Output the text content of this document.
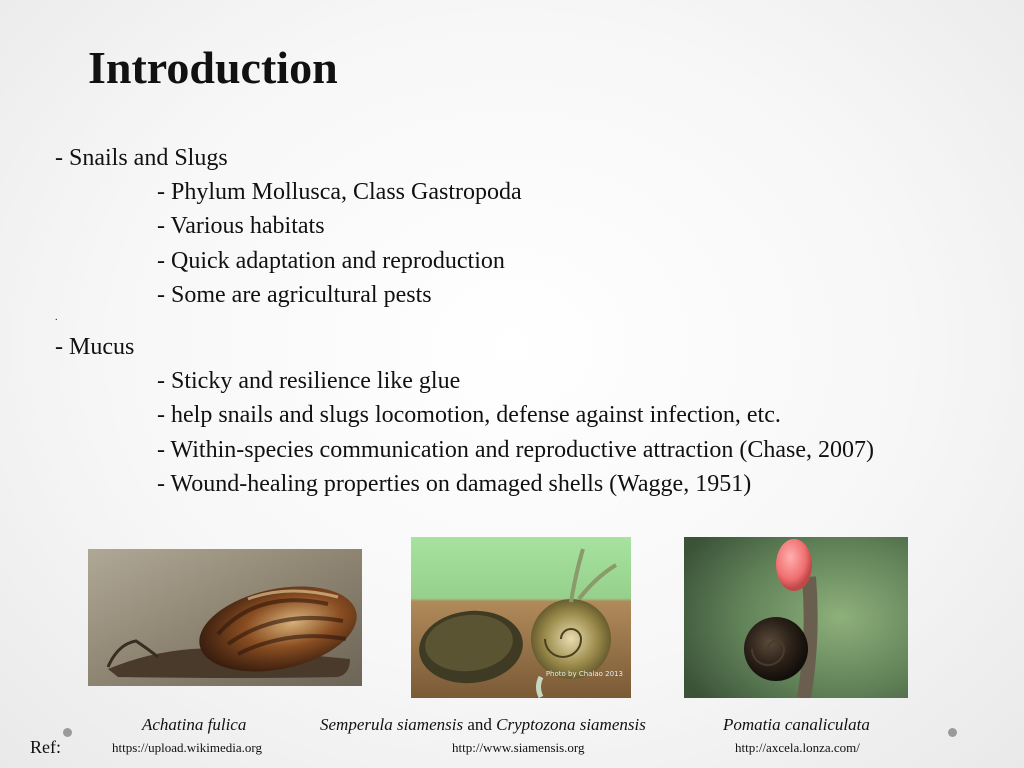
Introduction
- Snails and Slugs
- Phylum Mollusca, Class Gastropoda
- Various habitats
- Quick adaptation and reproduction
- Some are agricultural pests
.
- Mucus
- Sticky and resilience like glue
- help snails and slugs locomotion, defense against infection, etc.
- Within-species communication and reproductive attraction (Chase, 2007)
- Wound-healing properties on damaged shells (Wagge, 1951)
Photo by Chalao 2013
Achatina fulica	Semperula siamensis and Cryptozona siamensis	Pomatia canaliculata
Ref:	https://upload.wikimedia.org	http://www.siamensis.org	http://axcela.lonza.com/
